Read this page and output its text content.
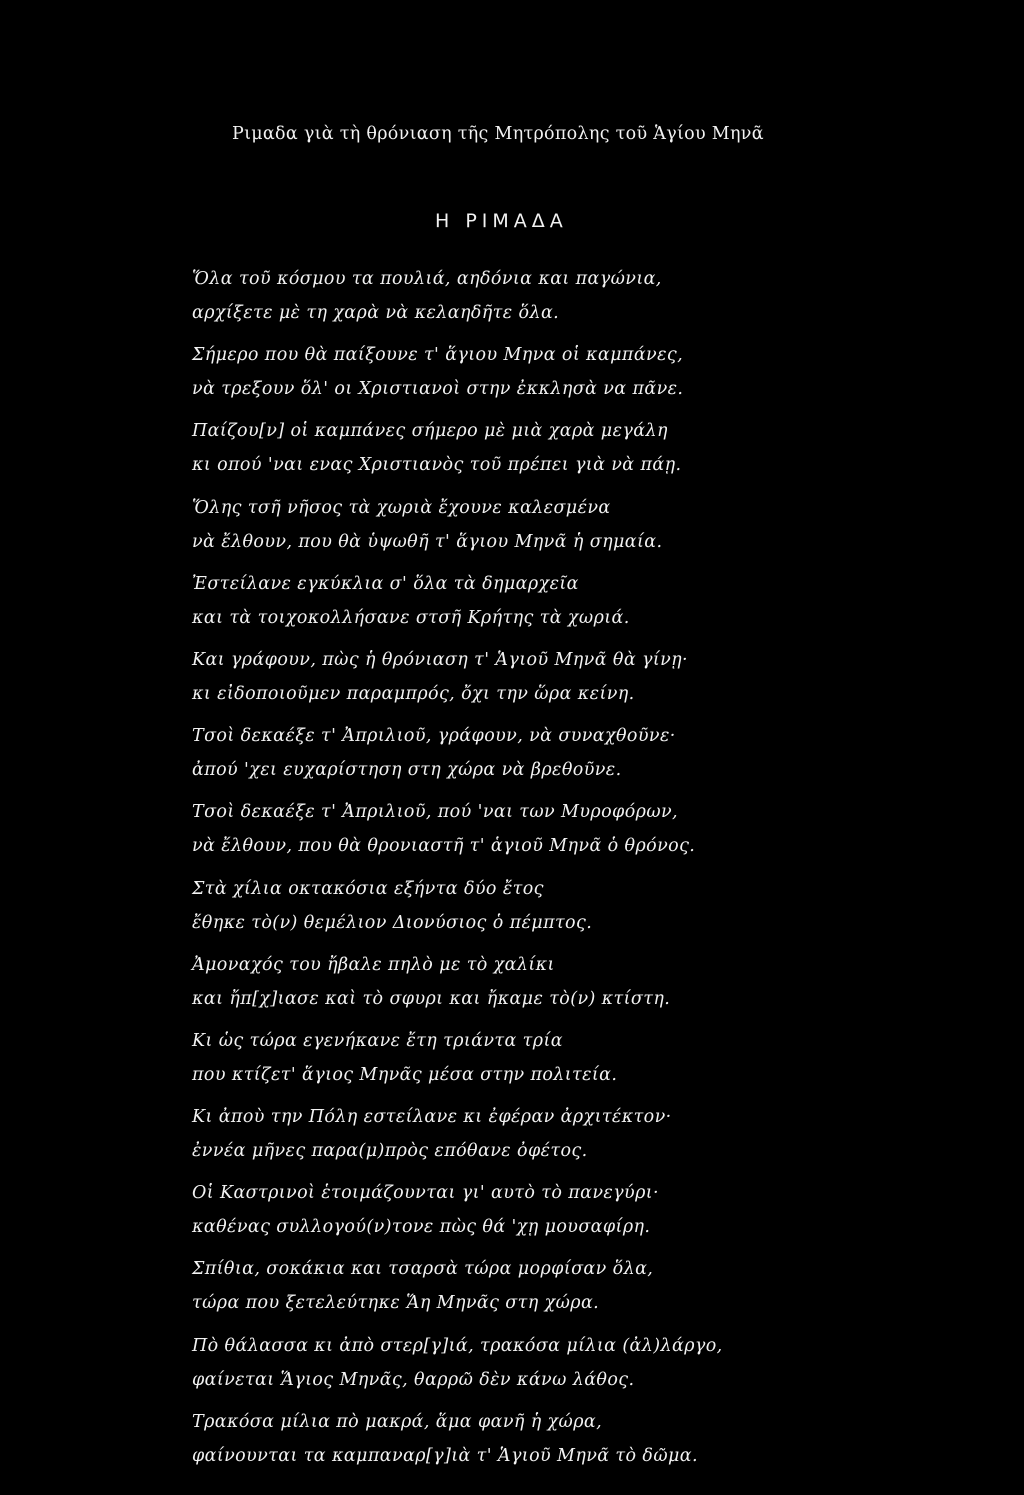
Ριμαδα γιὰ τὴ θρόνιαση τῆς Μητρόπολης τοῦ Ἁγίου Μηνᾶ
Η ΡΙΜΑΔΑ
Ὅλα τοῦ κόσμου τα πουλιά, αηδόνια και παγώνια,
αρχίξετε μὲ τη χαρὰ νὰ κελαηδῆτε ὅλα.
Σήμερο που θὰ παίξουνε τ' ἅγιου Μηνα οἱ καμπάνες,
νὰ τρεξουν ὅλ' οι Χριστιανοὶ στην ἐκκλησὰ να πᾶνε.
Παίζου[ν] οἱ καμπάνες σήμερο μὲ μιὰ χαρὰ μεγάλη
κι οπού 'ναι ενας Χριστιανὸς τοῦ πρέπει γιὰ νὰ πάῃ.
Ὅλης τσῆ νῆσος τὰ χωριὰ ἔχουνε καλεσμένα
νὰ ἔλθουν, που θὰ ὑψωθῆ τ' ἅγιου Μηνᾶ ἡ σημαία.
Ἐστείλανε εγκύκλια σ' ὅλα τὰ δημαρχεῖα
και τὰ τοιχοκολλήσανε στσῆ Κρήτης τὰ χωριά.
Και γράφουν, πὼς ἡ θρόνιαση τ' Ἁγιοῦ Μηνᾶ θὰ γίνῃ·
κι εἰδοποιοῦμεν παραμπρός, ὄχι την ὥρα κείνη.
Τσοὶ δεκαέξε τ' Ἀπριλιοῦ, γράφουν, νὰ συναχθοῦνε·
ἀπού 'χει ευχαρίστηση στη χώρα νὰ βρεθοῦνε.
Τσοὶ δεκαέξε τ' Ἀπριλιοῦ, πού 'ναι των Μυροφόρων,
νὰ ἔλθουν, που θὰ θρονιαστῆ τ' ἁγιοῦ Μηνᾶ ὁ θρόνος.
Στὰ χίλια οκτακόσια εξήντα δύο ἔτος
ἔθηκε τὸ(ν) θεμέλιον Διονύσιος ὁ πέμπτος.
Ἀμοναχός του ἤβαλε πηλὸ με τὸ χαλίκι
και ἤπ[χ]ιασε καὶ τὸ σφυρι και ἤκαμε τὸ(ν) κτίστη.
Κι ὡς τώρα εγενήκανε ἔτη τριάντα τρία
που κτίζετ' ἅγιος Μηνᾶς μέσα στην πολιτεία.
Κι ἀπoὺ την Πόλη εστείλανε κι ἐφέραν ἀρχιτέκτον·
ἐννέα μῆνες παρα(μ)πρὸς επόθανε ὀφέτος.
Οἱ Καστρινοὶ ἑτοιμάζουνται γι' αυτὸ τὸ πανεγύρι·
καθένας συλλογού(ν)τονε πὼς θά 'χῃ μουσαφίρη.
Σπίθια, σοκάκια και τσαρσὰ τώρα μορφίσαν ὅλα,
τώρα που ξετελεύτηκε Ἅη Μηνᾶς στη χώρα.
Πὸ θάλασσα κι ἀπὸ στερ[γ]ιά, τρακόσα μίλια (ἀλ)λάργο,
φαίνεται Ἅγιος Μηνᾶς, θαρρῶ δὲν κάνω λάθος.
Τρακόσα μίλια πὸ μακρά, ἅμα φανῆ ἡ χώρα,
φαίνουνται τα καμπαναρ[γ]ιὰ τ' Ἁγιοῦ Μηνᾶ τὸ δῶμα.
